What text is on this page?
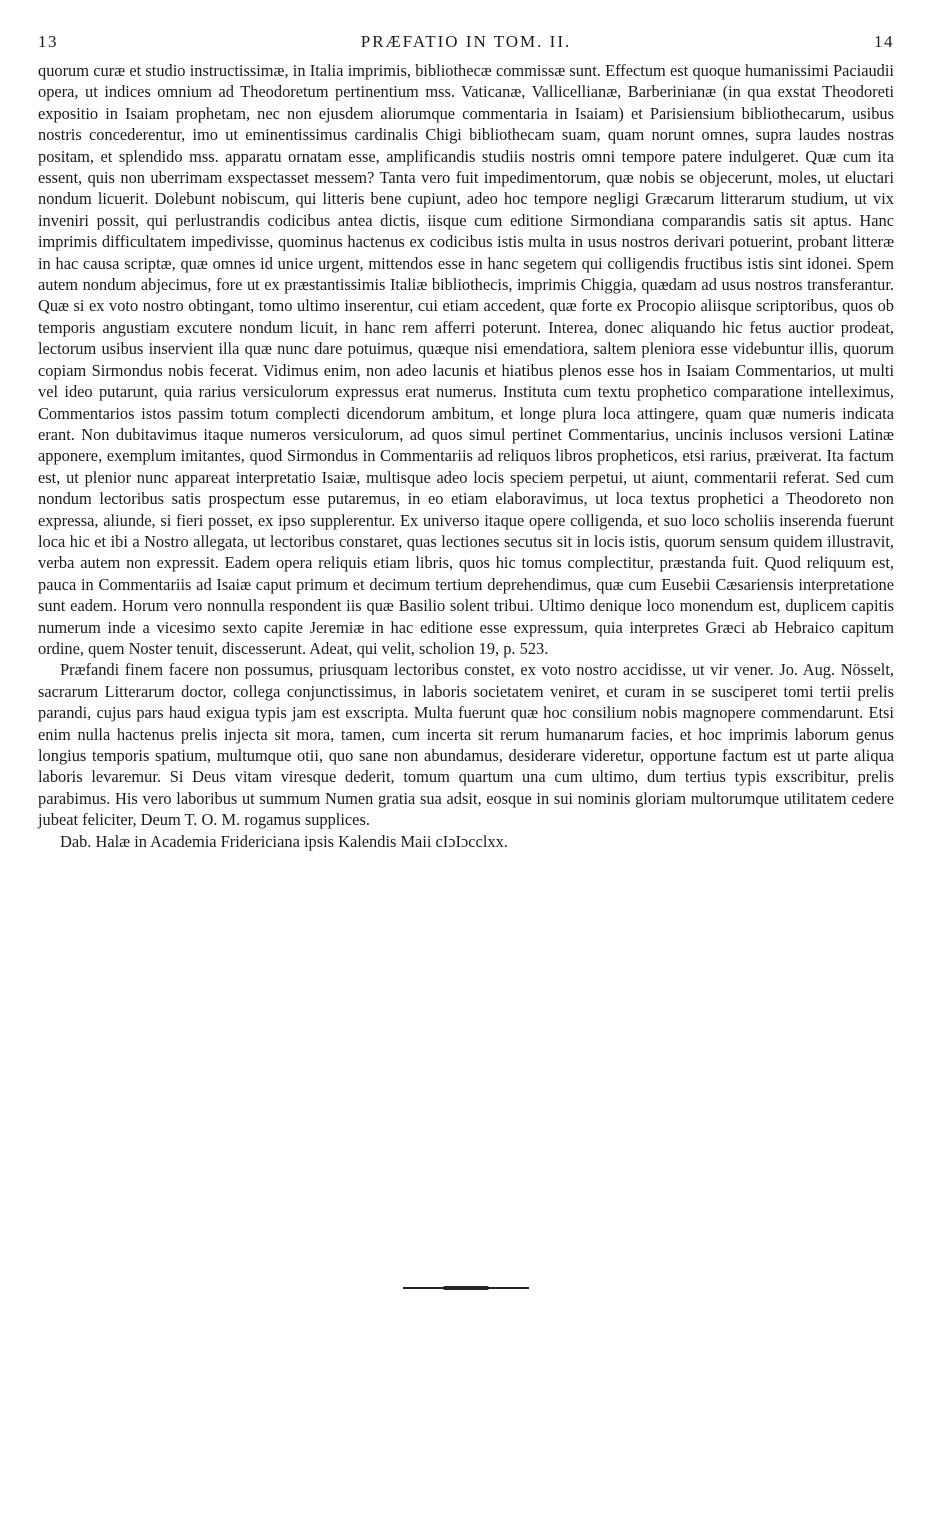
13	PRÆFATIO IN TOM. II.	14

quorum curæ et studio instructissimæ, in Italia imprimis, bibliothecæ commissæ sunt. Effectum est quoque humanissimi Paciaudii opera, ut indices omnium ad Theodoretum pertinentium mss. Vaticanæ, Vallicellianæ, Barberinianæ (in qua exstat Theodoreti expositio in Isaiam prophetam, nec non ejusdem aliorumque commentaria in Isaiam) et Parisiensium bibliothecarum, usibus nostris concederentur, imo ut eminentissimus cardinalis Chigi bibliothecam suam, quam norunt omnes, supra laudes nostras positam, et splendido mss. apparatu ornatam esse, amplificandis studiis nostris omni tempore patere indulgeret. Quæ cum ita essent, quis non uberrimam exspectasset messem? Tanta vero fuit impedimentorum, quæ nobis se objecerunt, moles, ut eluctari nondum licuerit. Dolebunt nobiscum, qui litteris bene cupiunt, adeo hoc tempore negligi Græcarum litterarum studium, ut vix inveniri possit, qui perlustrandis codicibus antea dictis, iisque cum editione Sirmondiana comparandis satis sit aptus. Hanc imprimis difficultatem impedivisse, quominus hactenus ex codicibus istis multa in usus nostros derivari potuerint, probant litteræ in hac causa scriptæ, quæ omnes id unice urgent, mittendos esse in hanc segetem qui colligendis fructibus istis sint idonei. Spem autem nondum abjecimus, fore ut ex præstantissimis Italiæ bibliothecis, imprimis Chiggia, quædam ad usus nostros transferantur. Quæ si ex voto nostro obtingant, tomo ultimo inserentur, cui etiam accedent, quæ forte ex Procopio aliisque scriptoribus, quos ob temporis angustiam excutere nondum licuit, in hanc rem afferri poterunt. Interea, donec aliquando hic fetus auctior prodeat, lectorum usibus inservient illa quæ nunc dare potuimus, quæque nisi emendatiora, saltem pleniora esse videbuntur illis, quorum copiam Sirmondus nobis fecerat. Vidimus enim, non adeo lacunis et hiatibus plenos esse hos in Isaiam Commentarios, ut multi vel ideo putarunt, quia rarius versiculorum expressus erat numerus. Instituta cum textu prophetico comparatione intelleximus, Commentarios istos passim totum complecti dicendorum ambitum, et longe plura loca attingere, quam quæ numeris indicata erant. Non dubitavimus itaque numeros versiculorum, ad quos simul pertinet Commentarius, uncinis inclusos versioni Latinæ apponere, exemplum imitantes, quod Sirmondus in Commentariis ad reliquos libros propheticos, etsi rarius, præiverat. Ita factum est, ut plenior nunc appareat interpretatio Isaiæ, multisque adeo locis speciem perpetui, ut aiunt, commentarii referat. Sed cum nondum lectoribus satis prospectum esse putaremus, in eo etiam elaboravimus, ut loca textus prophetici a Theodoreto non expressa, aliunde, si fieri posset, ex ipso supplerentur. Ex universo itaque opere colligenda, et suo loco scholiis inserenda fuerunt loca hic et ibi a Nostro allegata, ut lectoribus constaret, quas lectiones secutus sit in locis istis, quorum sensum quidem illustravit, verba autem non expressit. Eadem opera reliquis etiam libris, quos hic tomus complectitur, præstanda fuit. Quod reliquum est, pauca in Commentariis ad Isaiæ caput primum et decimum tertium deprehendimus, quæ cum Eusebii Cæsariensis interpretatione sunt eadem. Horum vero nonnulla respondent iis quæ Basilio solent tribui. Ultimo denique loco monendum est, duplicem capitis numerum inde a vicesimo sexto capite Jeremiæ in hac editione esse expressum, quia interpretes Græci ab Hebraico capitum ordine, quem Noster tenuit, discesserunt. Adeat, qui velit, scholion 19, p. 523.

Præfandi finem facere non possumus, priusquam lectoribus constet, ex voto nostro accidisse, ut vir vener. Jo. Aug. Nösselt, sacrarum Litterarum doctor, collega conjunctissimus, in laboris societatem veniret, et curam in se susciperet tomi tertii prelis parandi, cujus pars haud exigua typis jam est exscripta. Multa fuerunt quæ hoc consilium nobis magnopere commendarunt. Etsi enim nulla hactenus prelis injecta sit mora, tamen, cum incerta sit rerum humanarum facies, et hoc imprimis laborum genus longius temporis spatium, multumque otii, quo sane non abundamus, desiderare videretur, opportune factum est ut parte aliqua laboris levaremur. Si Deus vitam viresque dederit, tomum quartum una cum ultimo, dum tertius typis exscribitur, prelis parabimus. His vero laboribus ut summum Numen gratia sua adsit, eosque in sui nominis gloriam multorumque utilitatem cedere jubeat feliciter, Deum T. O. M. rogamus supplices.

Dab. Halæ in Academia Fridericiana ipsis Kalendis Maii cIɔIɔcclxx.
